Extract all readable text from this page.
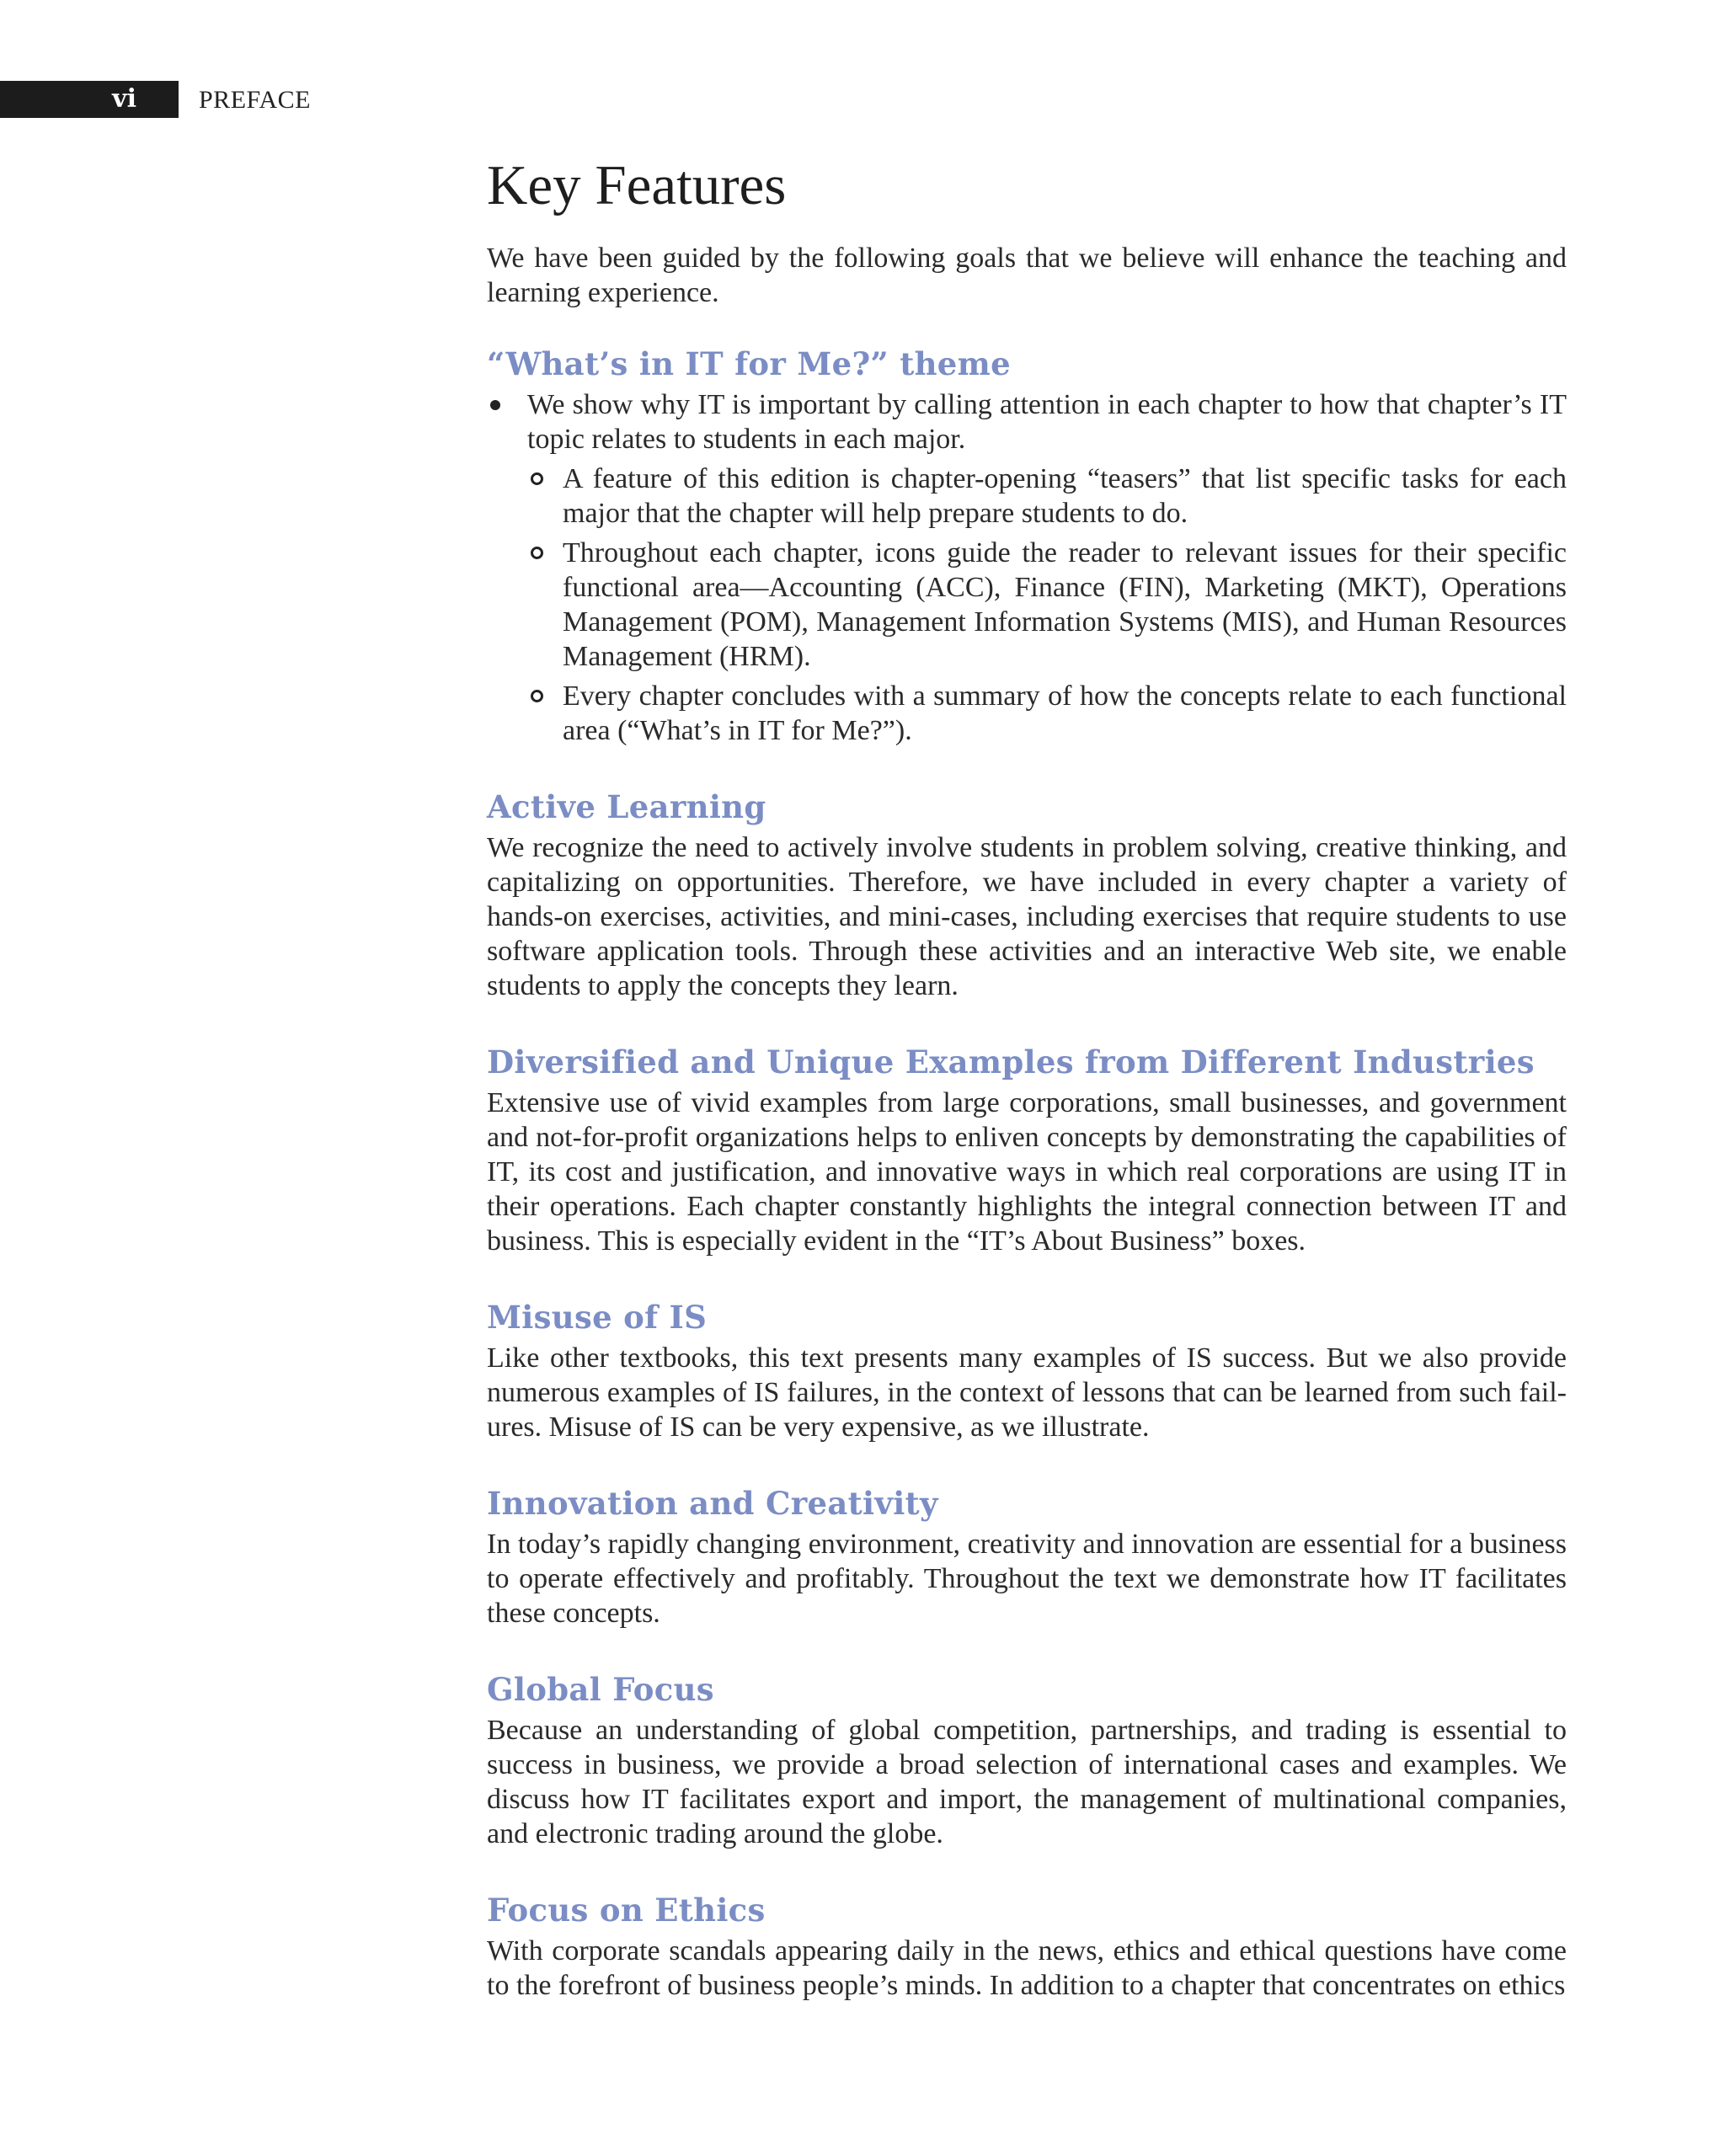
vi	PREFACE
Key Features

We have been guided by the following goals that we believe will enhance the teaching and learning experience.

“What’s in IT for Me?” theme
We show why IT is important by calling attention in each chapter to how that chapter’s IT topic relates to students in each major.
A feature of this edition is chapter-opening “teasers” that list specific tasks for each major that the chapter will help prepare students to do.
Throughout each chapter, icons guide the reader to relevant issues for their specific functional area—Accounting (ACC), Finance (FIN), Marketing (MKT), Operations Management (POM), Management Information Systems (MIS), and Human Resources Management (HRM).
Every chapter concludes with a summary of how the concepts relate to each functional area (“What’s in IT for Me?”).
Active Learning

We recognize the need to actively involve students in problem solving, creative thinking, and capitalizing on opportunities. Therefore, we have included in every chapter a variety of hands-on exercises, activities, and mini-cases, including exercises that require students to use software application tools. Through these activities and an interactive Web site, we enable students to apply the concepts they learn.

Diversified and Unique Examples from Different Industries

Extensive use of vivid examples from large corporations, small businesses, and government and not-for-profit organizations helps to enliven concepts by demonstrating the capabilities of IT, its cost and justification, and innovative ways in which real corporations are using IT in their operations. Each chapter constantly highlights the integral connection between IT and business. This is especially evident in the “IT’s About Business” boxes.

Misuse of IS

Like other textbooks, this text presents many examples of IS success. But we also provide numerous examples of IS failures, in the context of lessons that can be learned from such failures. Misuse of IS can be very expensive, as we illustrate.

Innovation and Creativity

In today’s rapidly changing environment, creativity and innovation are essential for a business to operate effectively and profitably. Throughout the text we demonstrate how IT facilitates these concepts.

Global Focus

Because an understanding of global competition, partnerships, and trading is essential to success in business, we provide a broad selection of international cases and examples. We discuss how IT facilitates export and import, the management of multinational companies, and electronic trading around the globe.

Focus on Ethics

With corporate scandals appearing daily in the news, ethics and ethical questions have come to the forefront of business people’s minds. In addition to a chapter that concentrates on ethics
